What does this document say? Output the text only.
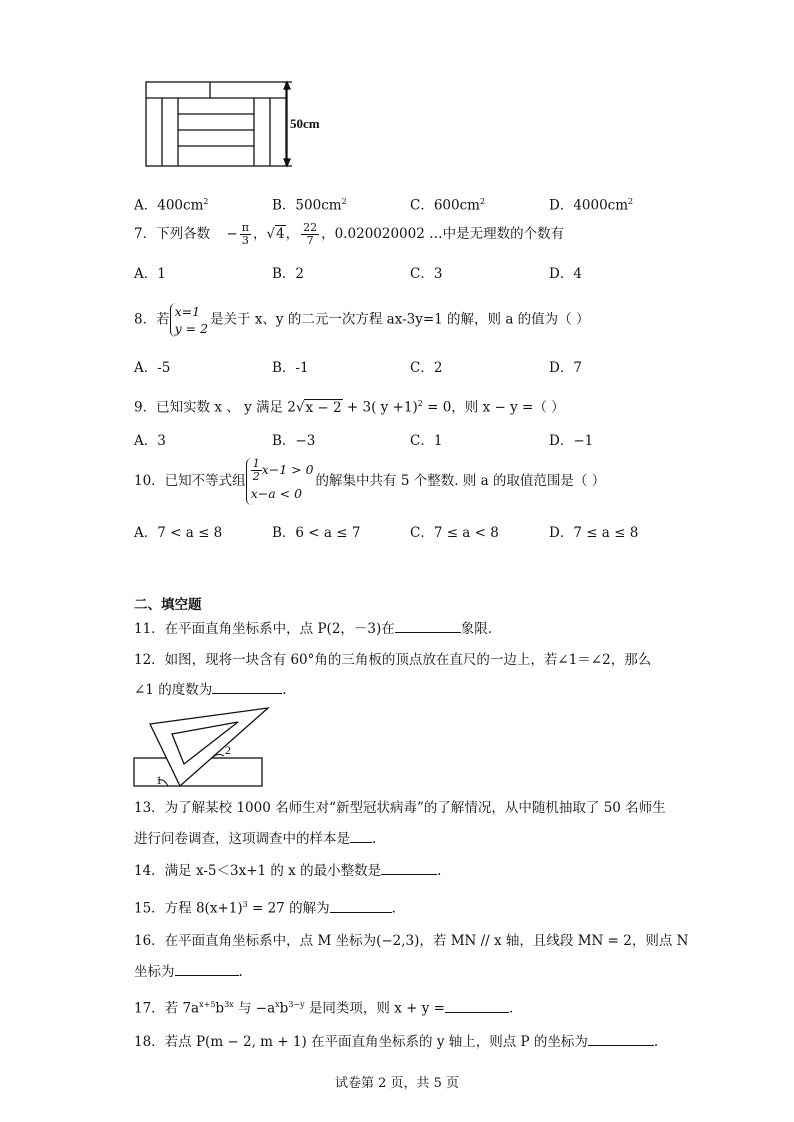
50cm
A．$400cm^2$	B．$500cm^2$	C．$600cm^2$	D．$4000cm^2$
7．下列各数 − $\frac{\pi}{3}$ ，√4， $\frac{22}{7}$ ，0.020020002 …中是无理数的个数有
A．1	B．2	C．3	D．4
8．若 x=1
y = 2
是关于 x、y 的二元一次方程 ax-3y=1 的解，则 a 的值为（ ）
A．-5	B．-1	C．2	D．7
9．已知实数 x 、 y 满足 2√x − 2 + 3( y +1)$^2$ = 0，则 x − y =（ ）
A．3	B．−3	C．1	D．−1
10．已知不等式组 $\frac{1}{2} x-1 > 0$
x−a < 0
的解集中共有 5 个整数. 则 a 的取值范围是（ ）
A．7 < a ≤ 8	B．6 < a ≤ 7	C．7 ≤ a < 8	D．7 ≤ a ≤ 8
二、填空题
11．在平面直角坐标系中，点 P(2，－3)在	象限.
12．如图，现将一块含有 60°角的三角板的顶点放在直尺的一边上，若∠1＝∠2，那么
∠1 的度数为	.
1
2
13．为了解某校 1000 名师生对“新型冠状病毒”的了解情况，从中随机抽取了 50 名师生
进行问卷调查，这项调查中的样本是 .
14．满足 x-5＜3x+1 的 x 的最小整数是	.
15．方程 $8(x+1)^3 = 27$ 的解为	.
16．在平面直角坐标系中，点 M 坐标为(−2,3)，若 MN // x 轴，且线段 MN = 2，则点 N
坐标为	.
17．若 $7a^{x+5}b^{3x}$ 与 $-a^xb^{3-y}$ 是同类项，则 x + y =	.
18．若点 P(m − 2, m + 1) 在平面直角坐标系的 y 轴上，则点 P 的坐标为	.
试卷第 2 页，共 5 页
